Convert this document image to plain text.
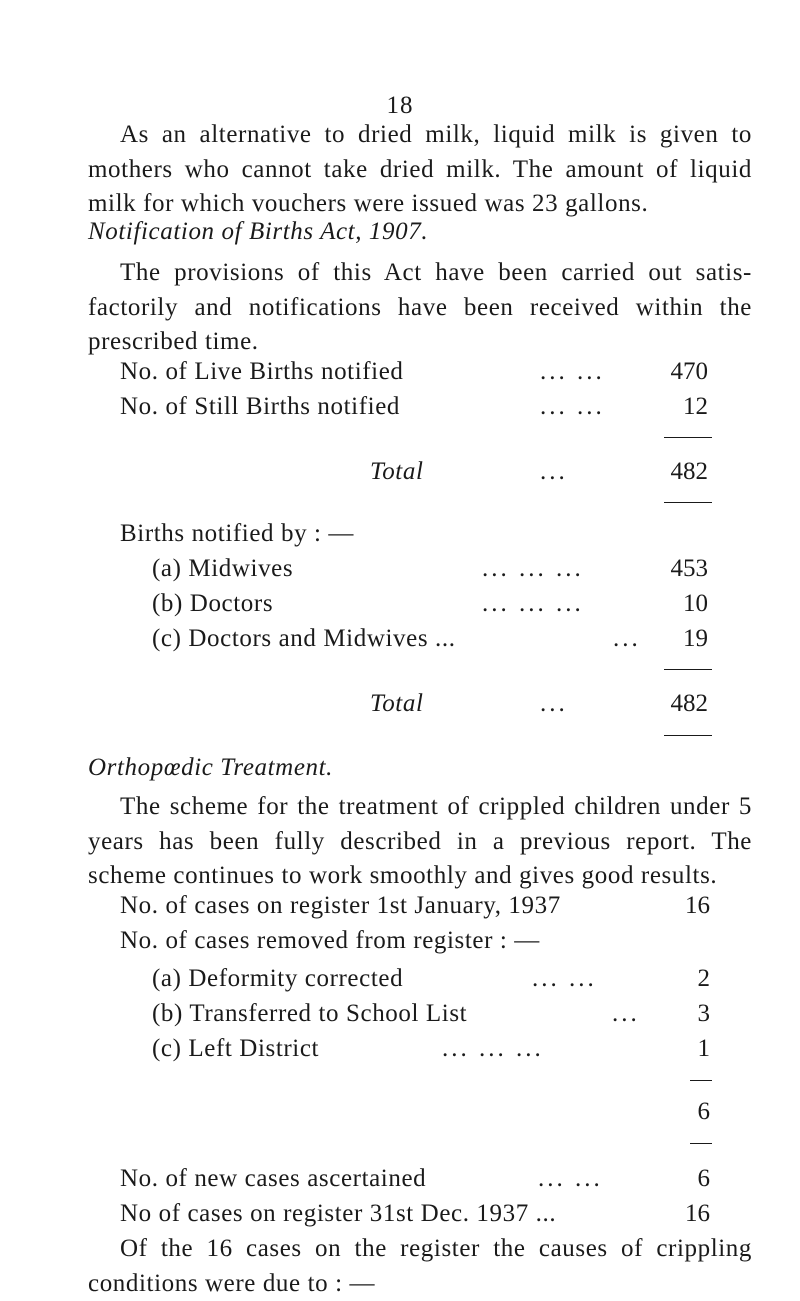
18

As an alternative to dried milk, liquid milk is given to mothers who cannot take dried milk. The amount of liquid milk for which vouchers were issued was 23 gallons.

Notification of Births Act, 1907.

The provisions of this Act have been carried out satis-factorily and notifications have been received within the prescribed time.

No. of Live Births notified	... ...	470
No. of Still Births notified	... ...	12
Total	...	482
Births notified by : —
(a) Midwives	... ... ...	453
(b) Doctors	... ... ...	10
(c) Doctors and Midwives ...	...	19
Total	...	482
Orthopœdic Treatment.

The scheme for the treatment of crippled children under 5 years has been fully described in a previous report. The scheme continues to work smoothly and gives good results.

No. of cases on register 1st January, 1937	16
No. of cases removed from register : —
(a) Deformity corrected	... ...	2
(b) Transferred to School List	...	3
(c) Left District	... ... ...	1
6
No. of new cases ascertained	... ...	6
No of cases on register 31st Dec. 1937 ...	16

Of the 16 cases on the register the causes of crippling conditions were due to : —
